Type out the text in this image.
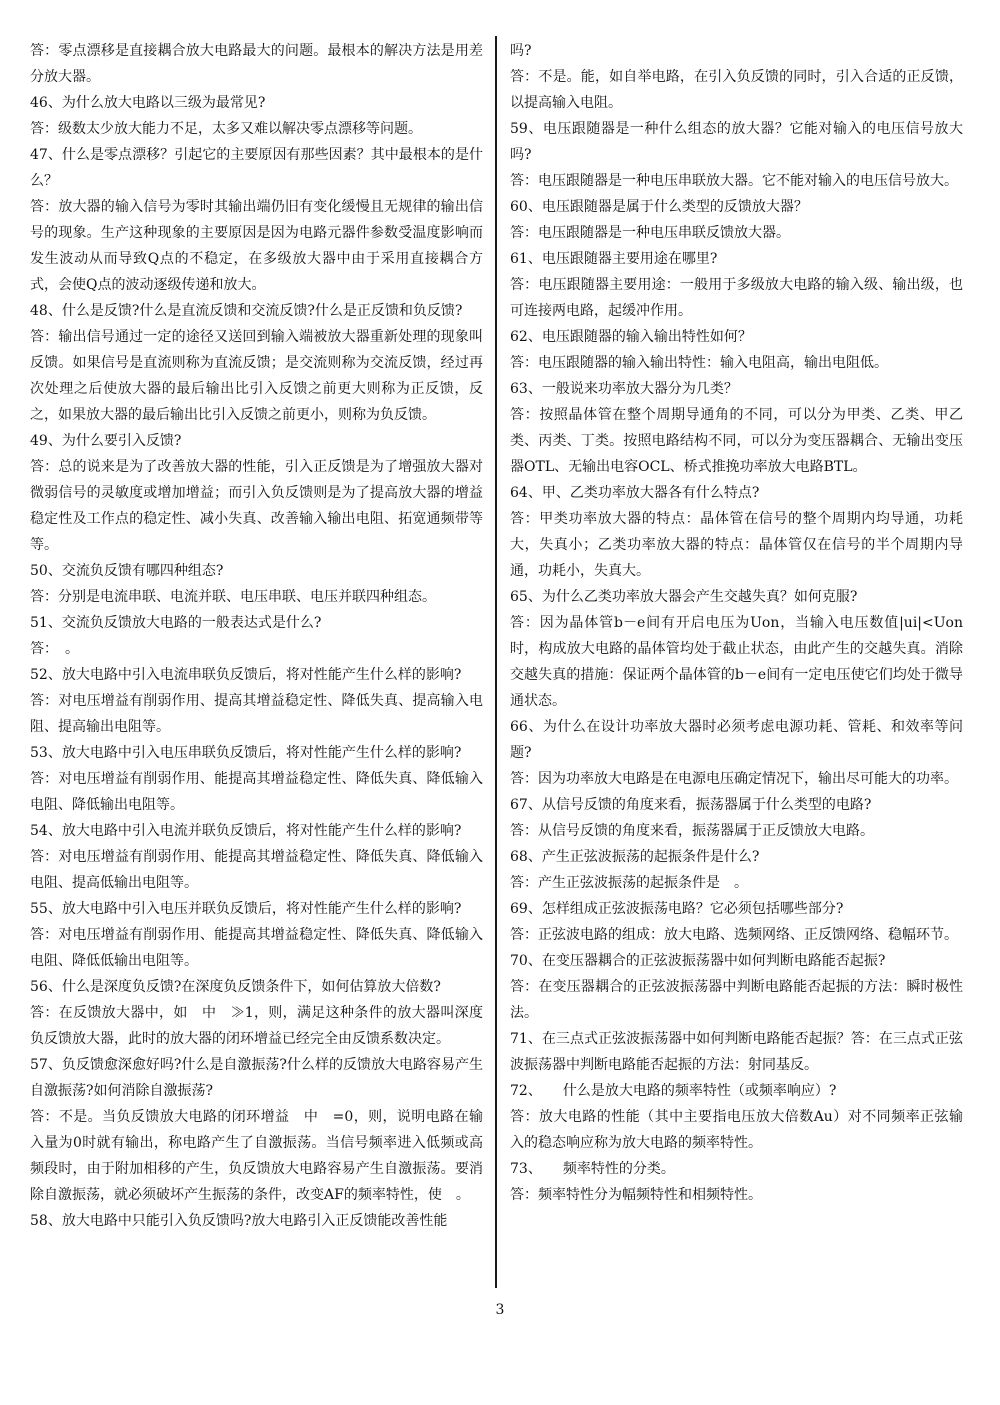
答：零点漂移是直接耦合放大电路最大的问题。最根本的解决方法是用差分放大器。

46、为什么放大电路以三级为最常见?

答：级数太少放大能力不足，太多又难以解决零点漂移等问题。

47、什么是零点漂移？引起它的主要原因有那些因素？其中最根本的是什么？

答：放大器的输入信号为零时其输出端仍旧有变化缓慢且无规律的输出信号的现象。生产这种现象的主要原因是因为电路元器件参数受温度影响而发生波动从而导致Q点的不稳定，在多级放大器中由于采用直接耦合方式，会使Q点的波动逐级传递和放大。

48、什么是反馈?什么是直流反馈和交流反馈?什么是正反馈和负反馈?

答：输出信号通过一定的途径又送回到输入端被放大器重新处理的现象叫反馈。如果信号是直流则称为直流反馈；是交流则称为交流反馈，经过再次处理之后使放大器的最后输出比引入反馈之前更大则称为正反馈，反之，如果放大器的最后输出比引入反馈之前更小，则称为负反馈。

49、为什么要引入反馈?

答：总的说来是为了改善放大器的性能，引入正反馈是为了增强放大器对微弱信号的灵敏度或增加增益；而引入负反馈则是为了提高放大器的增益稳定性及工作点的稳定性、减小失真、改善输入输出电阻、拓宽通频带等等。

50、交流负反馈有哪四种组态?

答：分别是电流串联、电流并联、电压串联、电压并联四种组态。

51、交流负反馈放大电路的一般表达式是什么?

答：　。

52、放大电路中引入电流串联负反馈后，将对性能产生什么样的影响?

答：对电压增益有削弱作用、提高其增益稳定性、降低失真、提高输入电阻、提高输出电阻等。

53、放大电路中引入电压串联负反馈后，将对性能产生什么样的影响?

答：对电压增益有削弱作用、能提高其增益稳定性、降低失真、降低输入电阻、降低输出电阻等。

54、放大电路中引入电流并联负反馈后，将对性能产生什么样的影响?

答：对电压增益有削弱作用、能提高其增益稳定性、降低失真、降低输入电阻、提高低输出电阻等。

55、放大电路中引入电压并联负反馈后，将对性能产生什么样的影响?

答：对电压增益有削弱作用、能提高其增益稳定性、降低失真、降低输入电阻、降低低输出电阻等。

56、什么是深度负反馈?在深度负反馈条件下，如何估算放大倍数?

答：在反馈放大器中，如　中　≫1，则，满足这种条件的放大器叫深度负反馈放大器，此时的放大器的闭环增益已经完全由反馈系数决定。

57、负反馈愈深愈好吗?什么是自激振荡?什么样的反馈放大电路容易产生自激振荡?如何消除自激振荡?

答：不是。当负反馈放大电路的闭环增益　中　=0，则，说明电路在输入量为0时就有输出，称电路产生了自激振荡。当信号频率进入低频或高频段时，由于附加相移的产生，负反馈放大电路容易产生自激振荡。要消除自激振荡，就必须破坏产生振荡的条件，改变AF的频率特性，使　。

58、放大电路中只能引入负反馈吗?放大电路引入正反馈能改善性能

吗?

答：不是。能，如自举电路，在引入负反馈的同时，引入合适的正反馈，以提高输入电阻。

59、电压跟随器是一种什么组态的放大器？它能对输入的电压信号放大吗?

答：电压跟随器是一种电压串联放大器。它不能对输入的电压信号放大。

60、电压跟随器是属于什么类型的反馈放大器？

答：电压跟随器是一种电压串联反馈放大器。

61、电压跟随器主要用途在哪里?

答：电压跟随器主要用途：一般用于多级放大电路的输入级、输出级，也可连接两电路，起缓冲作用。

62、电压跟随器的输入输出特性如何？

答：电压跟随器的输入输出特性：输入电阻高，输出电阻低。

63、一般说来功率放大器分为几类？

答：按照晶体管在整个周期导通角的不同，可以分为甲类、乙类、甲乙类、丙类、丁类。按照电路结构不同，可以分为变压器耦合、无输出变压器OTL、无输出电容OCL、桥式推挽功率放大电路BTL。

64、甲、乙类功率放大器各有什么特点?

答：甲类功率放大器的特点：晶体管在信号的整个周期内均导通，功耗大，失真小；乙类功率放大器的特点：晶体管仅在信号的半个周期内导通，功耗小，失真大。

65、为什么乙类功率放大器会产生交越失真？如何克服?

答：因为晶体管b－e间有开启电压为Uon，当输入电压数值|ui|<Uon时，构成放大电路的晶体管均处于截止状态，由此产生的交越失真。消除交越失真的措施：保证两个晶体管的b－e间有一定电压使它们均处于微导通状态。

66、为什么在设计功率放大器时必须考虑电源功耗、管耗、和效率等问题?

答：因为功率放大电路是在电源电压确定情况下，输出尽可能大的功率。

67、从信号反馈的角度来看，振荡器属于什么类型的电路?

答：从信号反馈的角度来看，振荡器属于正反馈放大电路。

68、产生正弦波振荡的起振条件是什么?

答：产生正弦波振荡的起振条件是　。

69、怎样组成正弦波振荡电路？它必须包括哪些部分?

答：正弦波电路的组成：放大电路、选频网络、正反馈网络、稳幅环节。

70、在变压器耦合的正弦波振荡器中如何判断电路能否起振?

答：在变压器耦合的正弦波振荡器中判断电路能否起振的方法：瞬时极性法。

71、在三点式正弦波振荡器中如何判断电路能否起振？答：在三点式正弦波振荡器中判断电路能否起振的方法：射同基反。

72、　　什么是放大电路的频率特性（或频率响应）?

答：放大电路的性能（其中主要指电压放大倍数Au）对不同频率正弦输入的稳态响应称为放大电路的频率特性。

73、　　频率特性的分类。

答：频率特性分为幅频特性和相频特性。

3
